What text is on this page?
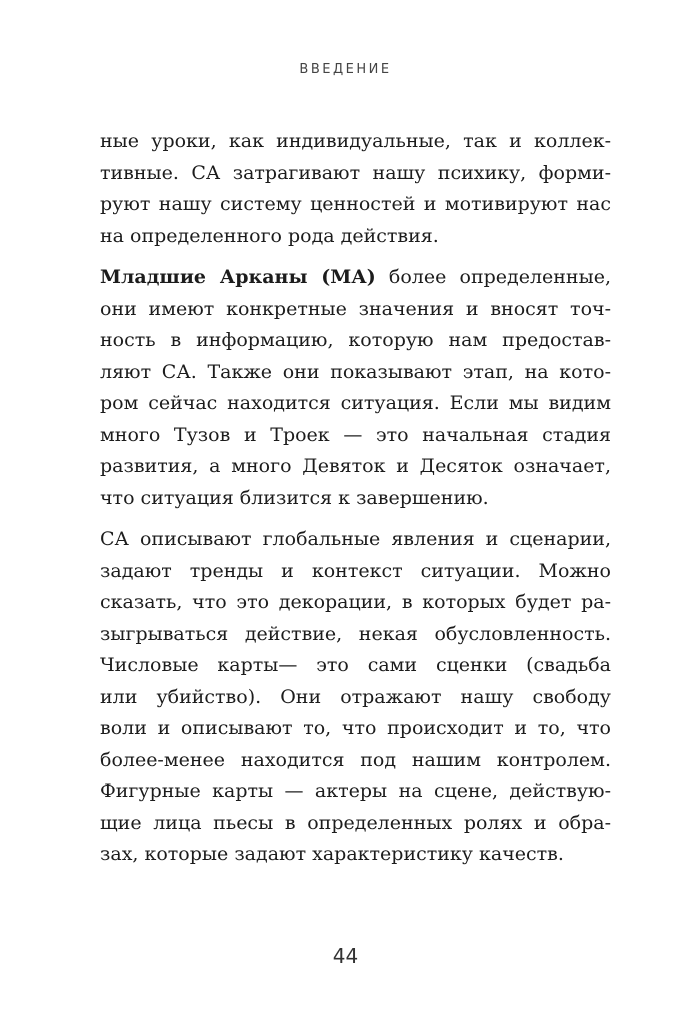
ВВЕДЕНИЕ

ные уроки, как индивидуальные, так и коллек-
тивные. СА затрагивают нашу психику, форми-
руют нашу систему ценностей и мотивируют нас
на определенного рода действия.

Младшие Арканы (МА) более определенные,
они имеют конкретные значения и вносят точ-
ность в информацию, которую нам предостав-
ляют СА. Также они показывают этап, на кото-
ром сейчас находится ситуация. Если мы видим
много Тузов и Троек — это начальная стадия
развития, а много Девяток и Десяток означает,
что ситуация близится к завершению.

СА описывают глобальные явления и сценарии,
задают тренды и контекст ситуации. Можно
сказать, что это декорации, в которых будет ра-
зыгрываться действие, некая обусловленность.
Числовые карты— это сами сценки (свадьба
или убийство). Они отражают нашу свободу
воли и описывают то, что происходит и то, что
более-менее находится под нашим контролем.
Фигурные карты — актеры на сцене, действую-
щие лица пьесы в определенных ролях и обра-
зах, которые задают характеристику качеств.

44
